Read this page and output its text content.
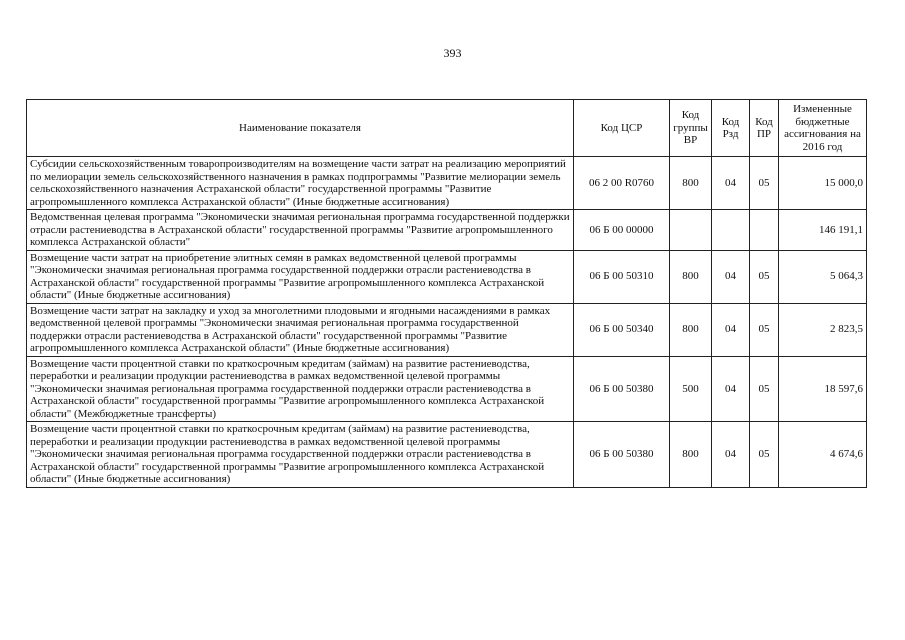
393
Наименование показателя	Код ЦСР	Код группы ВР	Код Рзд	Код ПР	Измененные бюджетные ассигнования на 2016 год
Субсидии сельскохозяйственным товаропроизводителям на возмещение части затрат на реализацию мероприятий по мелиорации земель сельскохозяйственного назначения в рамках подпрограммы "Развитие мелиорации земель сельскохозяйственного назначения Астраханской области" государственной программы "Развитие агропромышленного комплекса Астраханской области" (Иные бюджетные ассигнования)	06 2 00 R0760	800	04	05	15 000,0
Ведомственная целевая программа "Экономически значимая региональная программа государственной поддержки отрасли растениеводства в Астраханской области" государственной программы "Развитие агропромышленного комплекса Астраханской области"	06 Б 00 00000				146 191,1
Возмещение части затрат на приобретение элитных семян в рамках ведомственной целевой программы "Экономически значимая региональная программа государственной поддержки отрасли растениеводства в Астраханской области" государственной программы "Развитие агропромышленного комплекса Астраханской области" (Иные бюджетные ассигнования)	06 Б 00 50310	800	04	05	5 064,3
Возмещение части затрат на закладку и уход за многолетними плодовыми и ягодными насаждениями в рамках ведомственной целевой программы "Экономически значимая региональная программа государственной поддержки отрасли растениеводства в Астраханской области" государственной программы "Развитие агропромышленного комплекса Астраханской области" (Иные бюджетные ассигнования)	06 Б 00 50340	800	04	05	2 823,5
Возмещение части процентной ставки по краткосрочным кредитам (займам) на развитие растениеводства, переработки и реализации продукции растениеводства в рамках ведомственной целевой программы "Экономически значимая региональная программа государственной поддержки отрасли растениеводства в Астраханской области" государственной программы "Развитие агропромышленного комплекса Астраханской области" (Межбюджетные трансферты)	06 Б 00 50380	500	04	05	18 597,6
Возмещение части процентной ставки по краткосрочным кредитам (займам) на развитие растениеводства, переработки и реализации продукции растениеводства в рамках ведомственной целевой программы "Экономически значимая региональная программа государственной поддержки отрасли растениеводства в Астраханской области" государственной программы "Развитие агропромышленного комплекса Астраханской области" (Иные бюджетные ассигнования)	06 Б 00 50380	800	04	05	4 674,6
